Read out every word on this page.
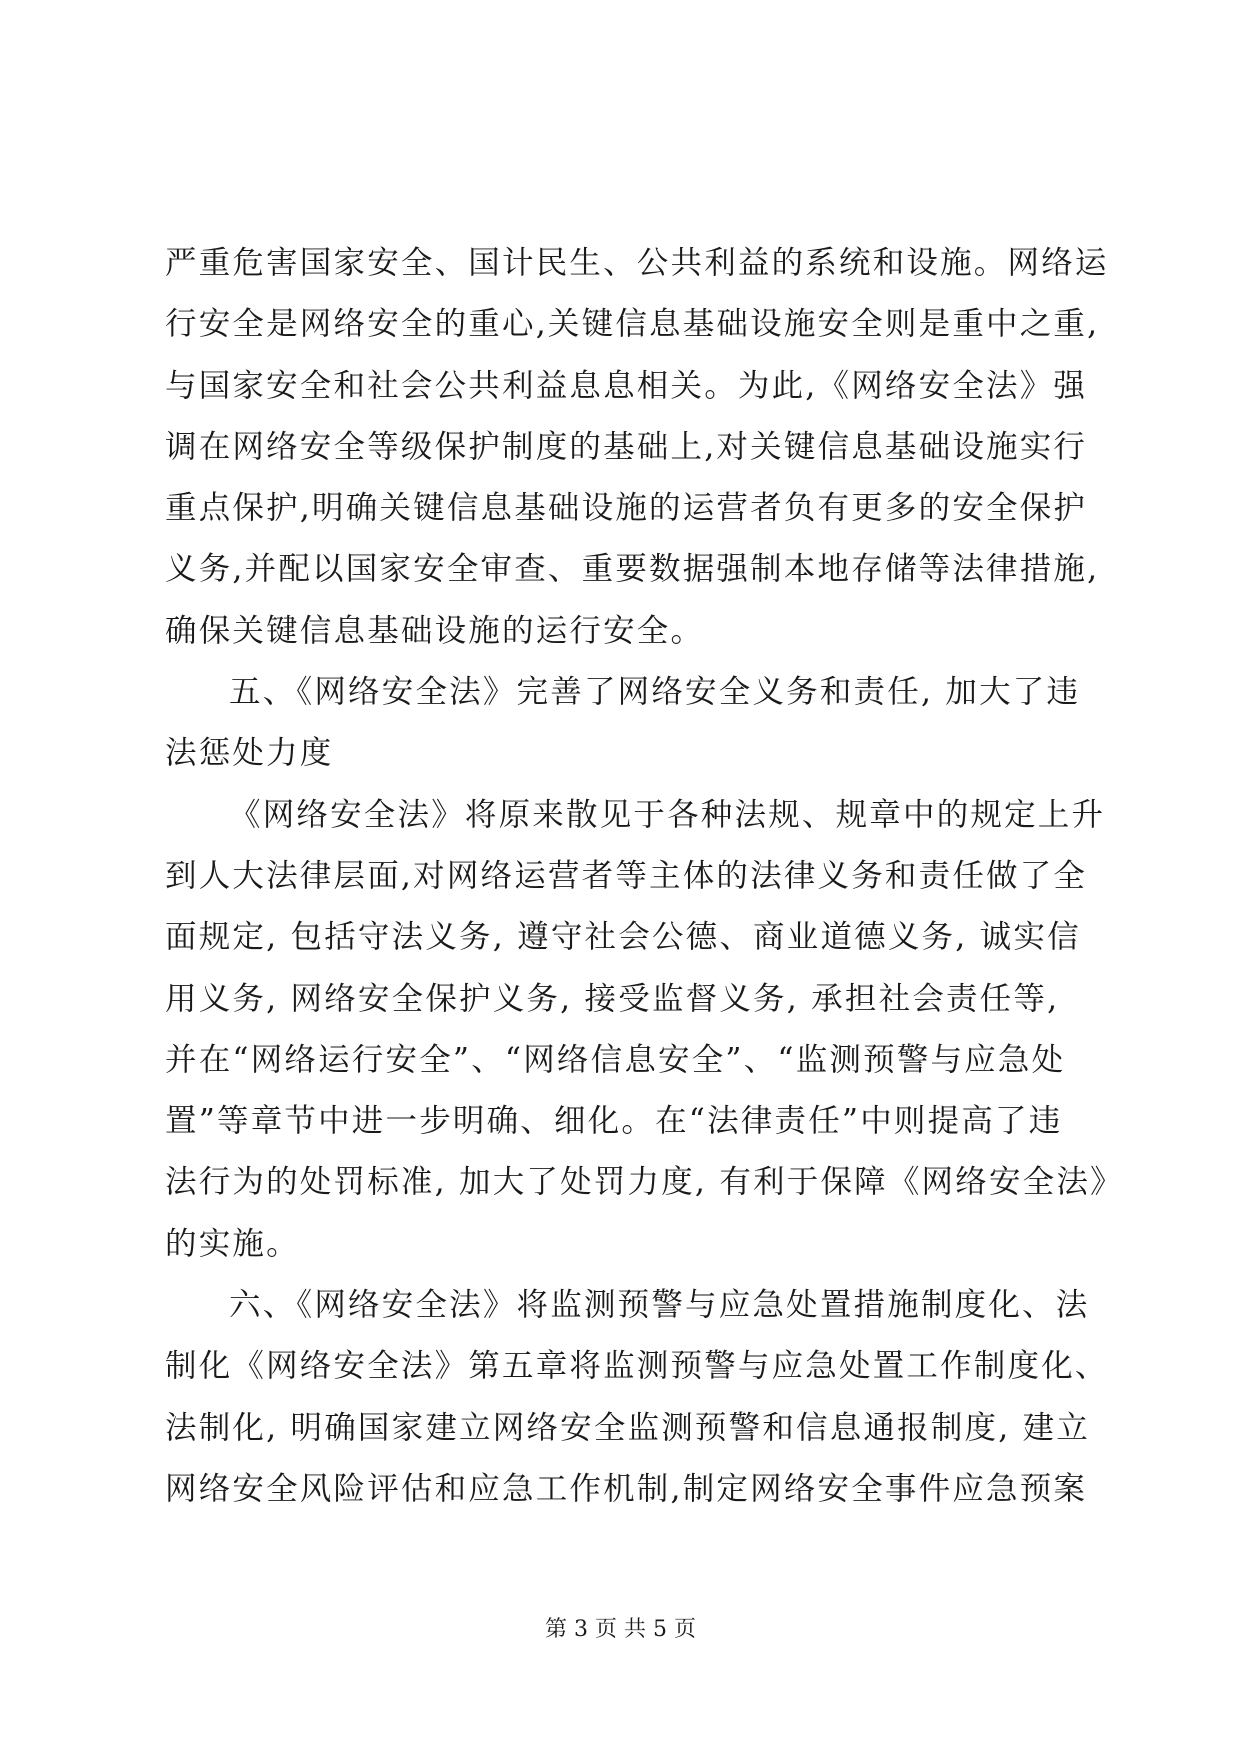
严重危害国家安全、国计民生、公共利益的系统和设施。网络运
行安全是网络安全的重心,关键信息基础设施安全则是重中之重,
与国家安全和社会公共利益息息相关。为此,《网络安全法》强
调在网络安全等级保护制度的基础上,对关键信息基础设施实行
重点保护,明确关键信息基础设施的运营者负有更多的安全保护
义务,并配以国家安全审查、重要数据强制本地存储等法律措施,
确保关键信息基础设施的运行安全。
五、《网络安全法》完善了网络安全义务和责任, 加大了违
法惩处力度
《网络安全法》将原来散见于各种法规、规章中的规定上升
到人大法律层面,对网络运营者等主体的法律义务和责任做了全
面规定, 包括守法义务, 遵守社会公德、商业道德义务, 诚实信
用义务, 网络安全保护义务, 接受监督义务, 承担社会责任等,
并在“网络运行安全”、“网络信息安全”、“监测预警与应急处
置”等章节中进一步明确、细化。在“法律责任”中则提高了违
法行为的处罚标准, 加大了处罚力度, 有利于保障《网络安全法》
的实施。
六、《网络安全法》将监测预警与应急处置措施制度化、法
制化《网络安全法》第五章将监测预警与应急处置工作制度化、
法制化, 明确国家建立网络安全监测预警和信息通报制度, 建立
网络安全风险评估和应急工作机制,制定网络安全事件应急预案
第 3 页 共 5 页
